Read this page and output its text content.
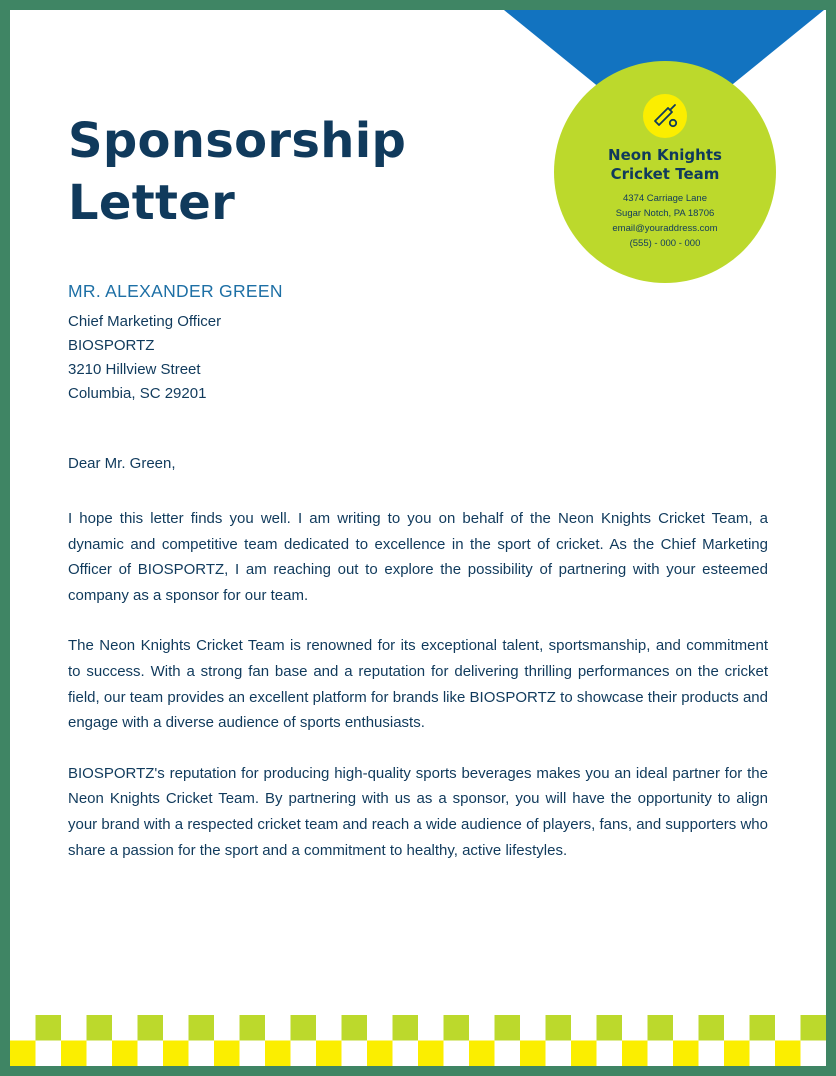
Neon Knights
Cricket Team
4374 Carriage Lane
Sugar Notch, PA 18706
email@youraddress.com
(555) - 000 - 000
Sponsorship
Letter
MR. ALEXANDER GREEN
Chief Marketing Officer
BIOSPORTZ
3210 Hillview Street
Columbia, SC 29201
Dear Mr. Green,

I hope this letter finds you well. I am writing to you on behalf of the Neon Knights Cricket Team, a dynamic and competitive team dedicated to excellence in the sport of cricket. As the Chief Marketing Officer of BIOSPORTZ, I am reaching out to explore the possibility of partnering with your esteemed company as a sponsor for our team.

The Neon Knights Cricket Team is renowned for its exceptional talent, sportsmanship, and commitment to success. With a strong fan base and a reputation for delivering thrilling performances on the cricket field, our team provides an excellent platform for brands like BIOSPORTZ to showcase their products and engage with a diverse audience of sports enthusiasts.

BIOSPORTZ's reputation for producing high-quality sports beverages makes you an ideal partner for the Neon Knights Cricket Team. By partnering with us as a sponsor, you will have the opportunity to align your brand with a respected cricket team and reach a wide audience of players, fans, and supporters who share a passion for the sport and a commitment to healthy, active lifestyles.
